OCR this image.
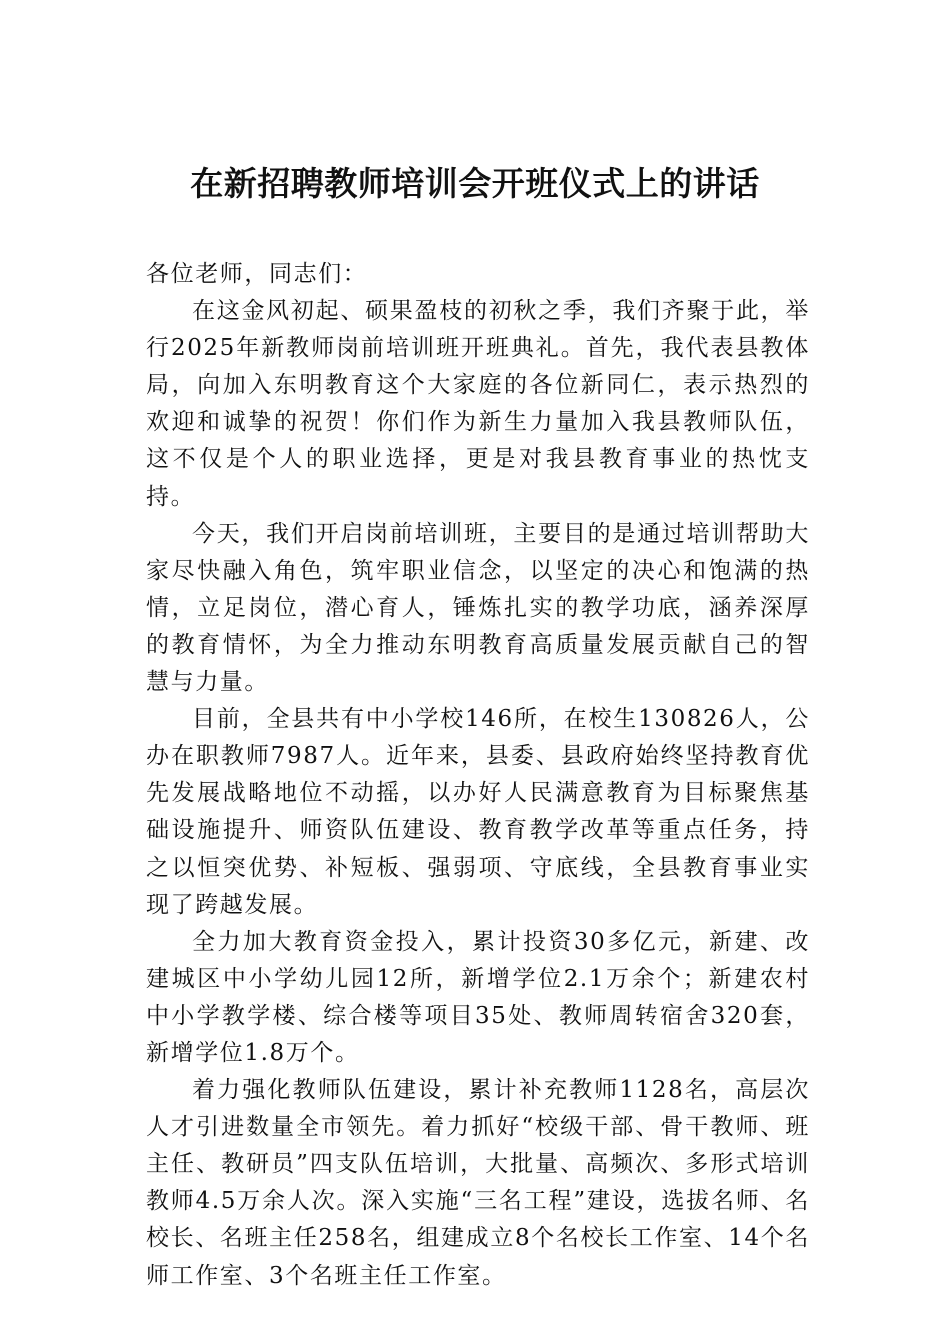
在新招聘教师培训会开班仪式上的讲话

各位老师，同志们：

在这金风初起、硕果盈枝的初秋之季，我们齐聚于此，举行2025年新教师岗前培训班开班典礼。首先，我代表县教体局，向加入东明教育这个大家庭的各位新同仁，表示热烈的欢迎和诚挚的祝贺！你们作为新生力量加入我县教师队伍，这不仅是个人的职业选择，更是对我县教育事业的热忱支持。

今天，我们开启岗前培训班，主要目的是通过培训帮助大家尽快融入角色，筑牢职业信念，以坚定的决心和饱满的热情，立足岗位，潜心育人，锤炼扎实的教学功底，涵养深厚的教育情怀，为全力推动东明教育高质量发展贡献自己的智慧与力量。

目前，全县共有中小学校146所，在校生130826人，公办在职教师7987人。近年来，县委、县政府始终坚持教育优先发展战略地位不动摇，以办好人民满意教育为目标聚焦基础设施提升、师资队伍建设、教育教学改革等重点任务，持之以恒突优势、补短板、强弱项、守底线，全县教育事业实现了跨越发展。

全力加大教育资金投入，累计投资30多亿元，新建、改建城区中小学幼儿园12所，新增学位2.1万余个；新建农村中小学教学楼、综合楼等项目35处、教师周转宿舍320套，新增学位1.8万个。

着力强化教师队伍建设，累计补充教师1128名，高层次人才引进数量全市领先。着力抓好“校级干部、骨干教师、班主任、教研员”四支队伍培训，大批量、高频次、多形式培训教师4.5万余人次。深入实施“三名工程”建设，选拔名师、名校长、名班主任258名，组建成立8个名校长工作室、14个名师工作室、3个名班主任工作室。
